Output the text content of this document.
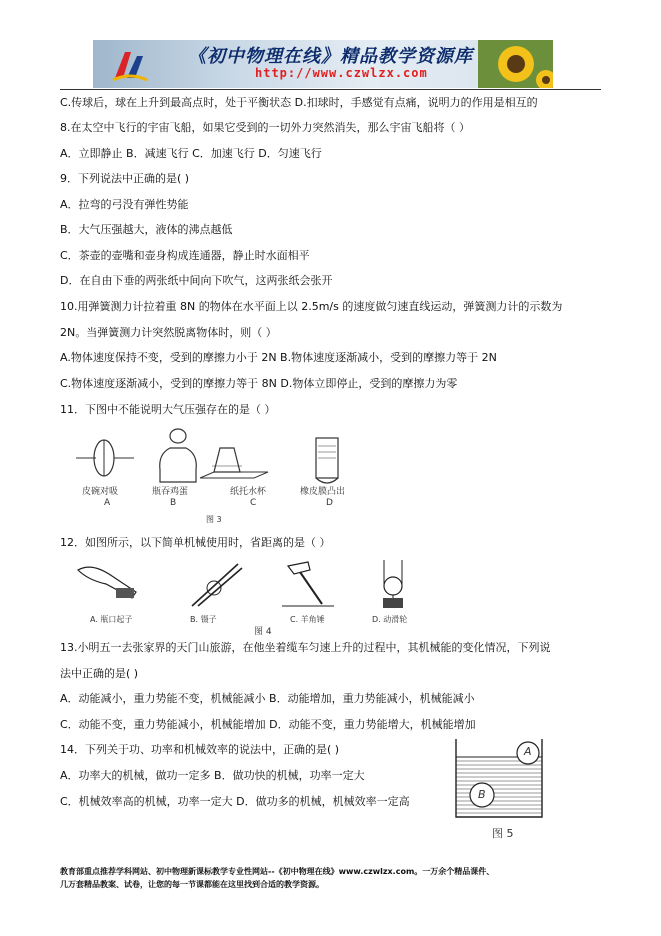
《初中物理在线》精品教学资源库
http://www.czwlzx.com
C.传球后，球在上升到最高点时，处于平衡状态 D.扣球时，手感觉有点痛，说明力的作用是相互的
8.在太空中飞行的宇宙飞船，如果它受到的一切外力突然消失，那么宇宙飞船将（ ）
A．立即静止 B．减速飞行 C．加速飞行 D．匀速飞行
9．下列说法中正确的是( )
A．拉弯的弓没有弹性势能
B．大气压强越大，液体的沸点越低
C．茶壶的壶嘴和壶身构成连通器，静止时水面相平
D．在自由下垂的两张纸中间向下吹气，这两张纸会张开
10.用弹簧测力计拉着重 8N 的物体在水平面上以 2.5m/s 的速度做匀速直线运动，弹簧测力计的示数为
2N。当弹簧测力计突然脱离物体时，则（ ）
A.物体速度保持不变，受到的摩擦力小于 2N B.物体速度逐渐减小，受到的摩擦力等于 2N
C.物体速度逐渐减小，受到的摩擦力等于 8N D.物体立即停止，受到的摩擦力为零
11．下图中不能说明大气压强存在的是（ ）
皮碗对吸	瓶吞鸡蛋	纸托水杯	橡皮膜凸出
A	B	C	D
图 3
12．如图所示，以下简单机械使用时，省距离的是（ ）
A. 瓶口起子	B. 镊子	C. 羊角锤	D. 动滑轮
图 4
13.小明五一去张家界的天门山旅游，在他坐着缆车匀速上升的过程中，其机械能的变化情况，下列说
法中正确的是( )
A．动能减小，重力势能不变，机械能减小 B．动能增加，重力势能减小，机械能减小
C．动能不变，重力势能减小，机械能增加 D．动能不变，重力势能增大，机械能增加
14．下列关于功、功率和机械效率的说法中，正确的是( )
A．功率大的机械，做功一定多 B．做功快的机械，功率一定大
C．机械效率高的机械，功率一定大 D．做功多的机械，机械效率一定高
A
B
图 5
教育部重点推荐学科网站、初中物理新课标教学专业性网站--《初中物理在线》www.czwlzx.com。一万余个精品课件、
几万套精品教案、试卷，让您的每一节课都能在这里找到合适的教学资源。
